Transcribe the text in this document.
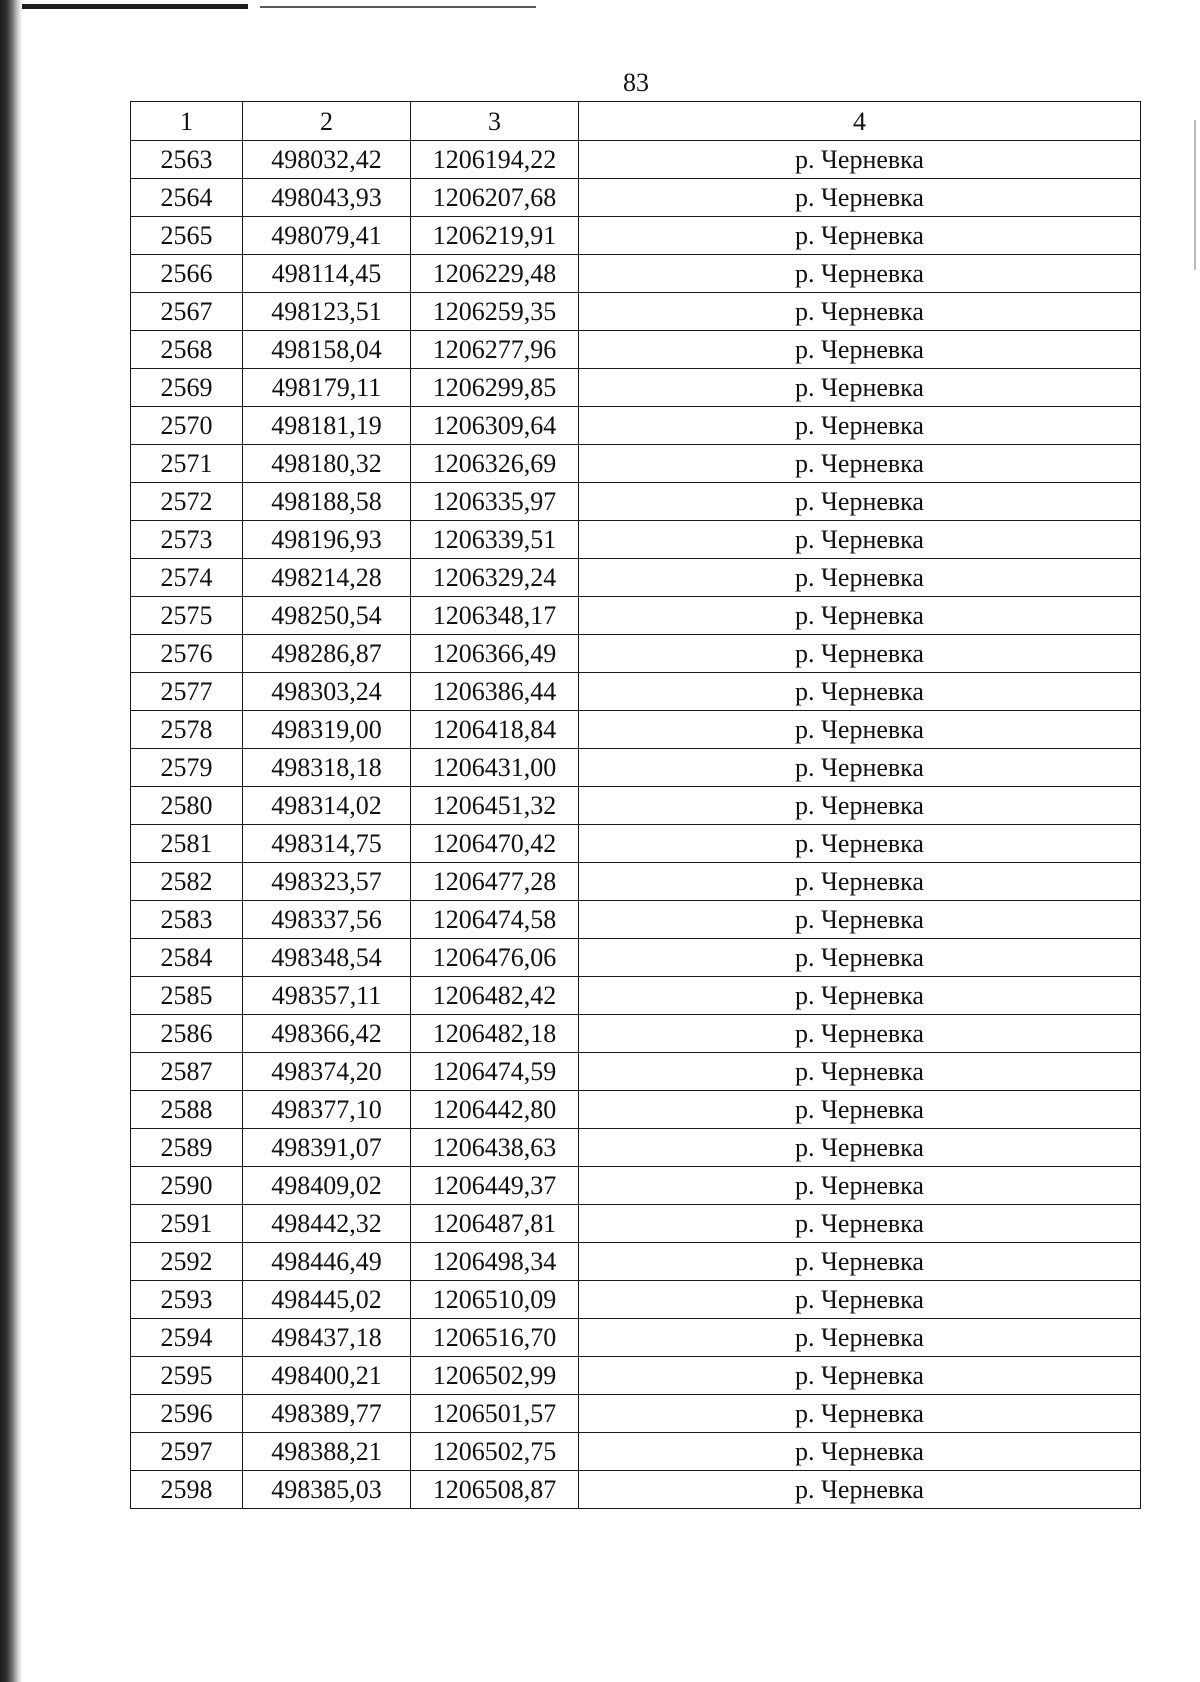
83
1	2	3	4
2563	498032,42	1206194,22	р. Черневка
2564	498043,93	1206207,68	р. Черневка
2565	498079,41	1206219,91	р. Черневка
2566	498114,45	1206229,48	р. Черневка
2567	498123,51	1206259,35	р. Черневка
2568	498158,04	1206277,96	р. Черневка
2569	498179,11	1206299,85	р. Черневка
2570	498181,19	1206309,64	р. Черневка
2571	498180,32	1206326,69	р. Черневка
2572	498188,58	1206335,97	р. Черневка
2573	498196,93	1206339,51	р. Черневка
2574	498214,28	1206329,24	р. Черневка
2575	498250,54	1206348,17	р. Черневка
2576	498286,87	1206366,49	р. Черневка
2577	498303,24	1206386,44	р. Черневка
2578	498319,00	1206418,84	р. Черневка
2579	498318,18	1206431,00	р. Черневка
2580	498314,02	1206451,32	р. Черневка
2581	498314,75	1206470,42	р. Черневка
2582	498323,57	1206477,28	р. Черневка
2583	498337,56	1206474,58	р. Черневка
2584	498348,54	1206476,06	р. Черневка
2585	498357,11	1206482,42	р. Черневка
2586	498366,42	1206482,18	р. Черневка
2587	498374,20	1206474,59	р. Черневка
2588	498377,10	1206442,80	р. Черневка
2589	498391,07	1206438,63	р. Черневка
2590	498409,02	1206449,37	р. Черневка
2591	498442,32	1206487,81	р. Черневка
2592	498446,49	1206498,34	р. Черневка
2593	498445,02	1206510,09	р. Черневка
2594	498437,18	1206516,70	р. Черневка
2595	498400,21	1206502,99	р. Черневка
2596	498389,77	1206501,57	р. Черневка
2597	498388,21	1206502,75	р. Черневка
2598	498385,03	1206508,87	р. Черневка
